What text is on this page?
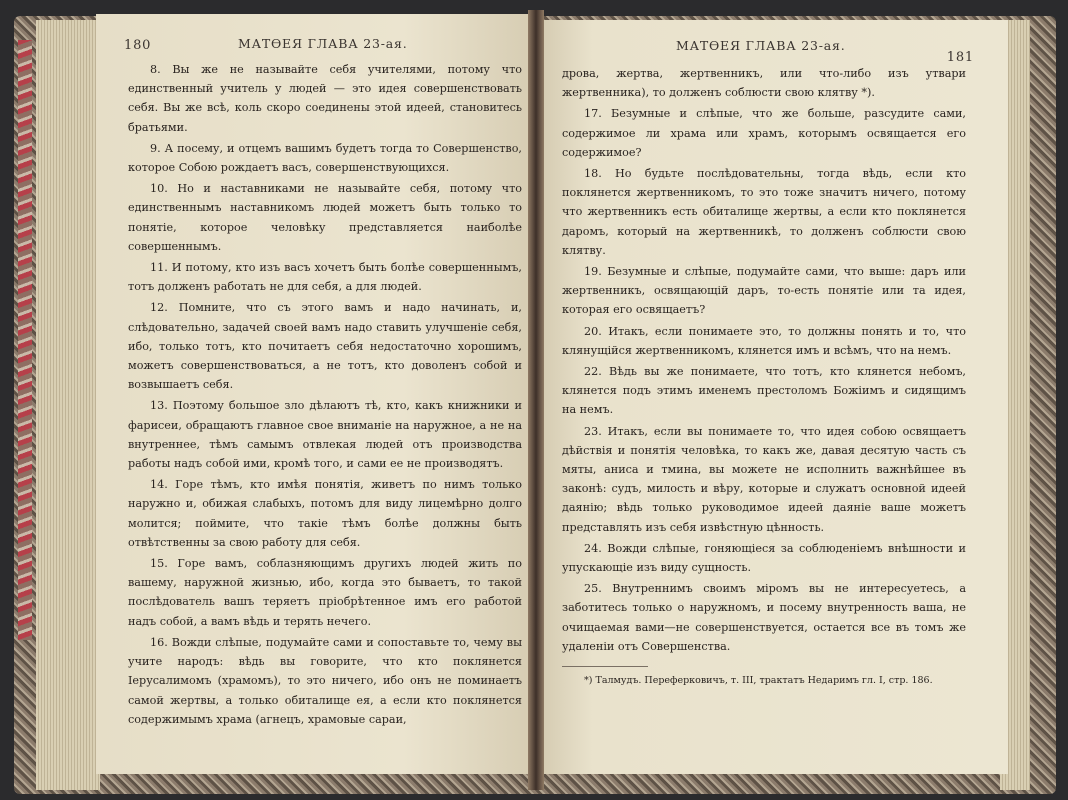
180	МАТѲЕЯ ГЛАВА 23-ая.

8. Вы же не называйте себя учителями, потому что единственный учитель у людей — это идея совершенствовать себя. Вы же всѣ, коль скоро соединены этой идеей, становитесь братьями.

9. А посему, и отцемъ вашимъ будетъ тогда то Совершенство, которое Собою рождаетъ васъ, совершенствующихся.

10. Но и наставниками не называйте себя, потому что единственнымъ наставникомъ людей можетъ быть только то понятіе, которое человѣку представляется наиболѣе совершеннымъ.

11. И потому, кто изъ васъ хочетъ быть болѣе совершеннымъ, тотъ долженъ работать не для себя, а для людей.

12. Помните, что съ этого вамъ и надо начинать, и, слѣдовательно, задачей своей вамъ надо ставить улучшеніе себя, ибо, только тотъ, кто почитаетъ себя недостаточно хорошимъ, можетъ совершенствоваться, а не тотъ, кто доволенъ собой и возвышаетъ себя.

13. Поэтому большое зло дѣлаютъ тѣ, кто, какъ книжники и фарисеи, обращаютъ главное свое вниманіе на наружное, а не на внутреннее, тѣмъ самымъ отвлекая людей отъ производства работы надъ собой ими, кромѣ того, и сами ее не производятъ.

14. Горе тѣмъ, кто имѣя понятія, живетъ по нимъ только наружно и, обижая слабыхъ, потомъ для виду лицемѣрно долго молится; поймите, что такіе тѣмъ болѣе должны быть отвѣтственны за свою работу для себя.

15. Горе вамъ, соблазняющимъ другихъ людей жить по вашему, наружной жизнью, ибо, когда это бываетъ, то такой послѣдователь вашъ теряетъ пріобрѣтенное имъ его работой надъ собой, а вамъ вѣдь и терять нечего.

16. Вожди слѣпые, подумайте сами и сопоставьте то, чему вы учите народъ: вѣдь вы говорите, что кто поклянется Іерусалимомъ (храмомъ), то это ничего, ибо онъ не поминаетъ самой жертвы, а только обиталище ея, а если кто поклянется содержимымъ храма (агнецъ, храмовые сараи,

МАТѲЕЯ ГЛАВА 23-ая.
181

дрова, жертва, жертвенникъ, или что-либо изъ утвари жертвенника), то долженъ соблюсти свою клятву *).

17. Безумные и слѣпые, что же больше, разсудите сами, содержимое ли храма или храмъ, которымъ освящается его содержимое?

18. Но будьте послѣдовательны, тогда вѣдь, если кто поклянется жертвенникомъ, то это тоже значитъ ничего, потому что жертвенникъ есть обиталище жертвы, а если кто поклянется даромъ, который на жертвенникѣ, то долженъ соблюсти свою клятву.

19. Безумные и слѣпые, подумайте сами, что выше: даръ или жертвенникъ, освящающій даръ, то-есть понятіе или та идея, которая его освящаетъ?

20. Итакъ, если понимаете это, то должны понять и то, что клянущійся жертвенникомъ, клянется имъ и всѣмъ, что на немъ.

22. Вѣдь вы же понимаете, что тотъ, кто клянется небомъ, клянется подъ этимъ именемъ престоломъ Божіимъ и сидящимъ на немъ.

23. Итакъ, если вы понимаете то, что идея собою освящаетъ дѣйствія и понятія человѣка, то какъ же, давая десятую часть съ мяты, аниса и тмина, вы можете не исполнить важнѣйшее въ законѣ: судъ, милость и вѣру, которые и служатъ основной идеей даянію; вѣдь только руководимое идеей даяніе ваше можетъ представлять изъ себя извѣстную цѣнность.

24. Вожди слѣпые, гоняющіеся за соблюденіемъ внѣшности и упускающіе изъ виду сущность.

25. Внутреннимъ своимъ міромъ вы не интересуетесь, а заботитесь только о наружномъ, и посему внутренность ваша, не очищаемая вами—не совершенствуется, остается все въ томъ же удаленіи отъ Совершенства.

*) Талмудъ. Переферковичъ, т. III, трактатъ Недаримъ гл. I, стр. 186.
